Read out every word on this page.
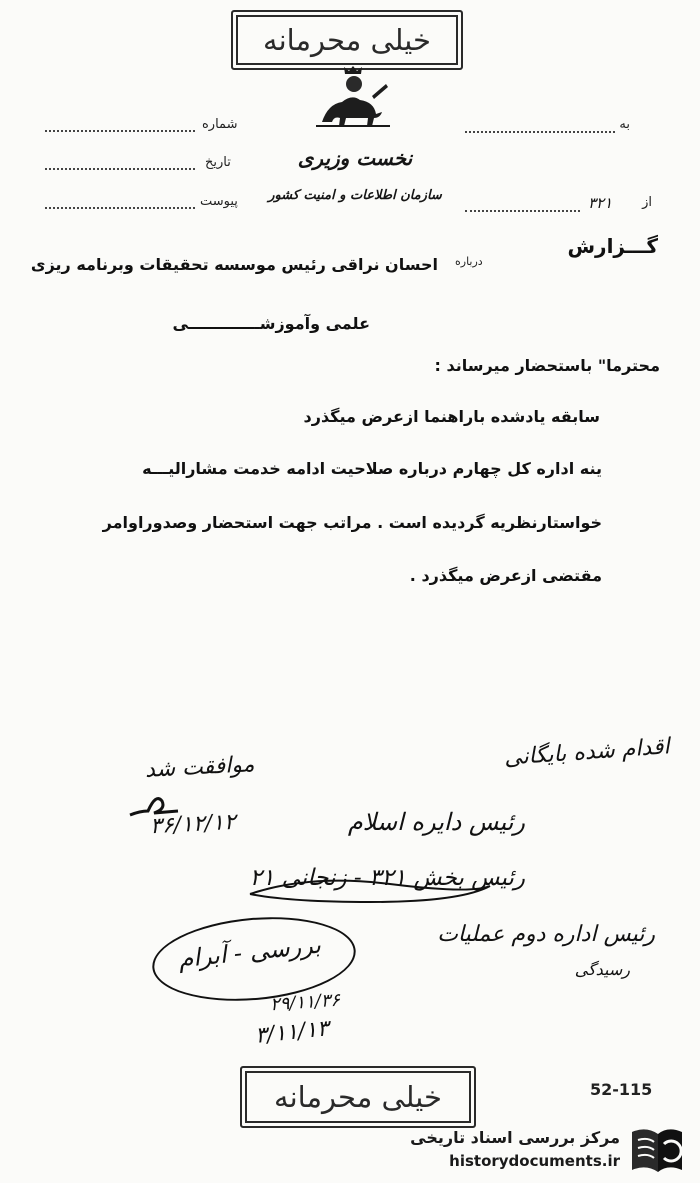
خیلی محرمانه
نخست وزیری
سازمان اطلاعات و امنیت کشور
به
از
۳۲۱
شماره
تاریخ
پیوست
گـــزارش
درباره
احسان نراقی رئیس موسسه تحقیقات وبرنامه ریزی
علمی وآموزشـــــــــــــی
محترما" باستحضار میرساند :
سابقه یادشده باراهنما ازعرض میگذرد
ینه اداره کل چهارم درباره صلاحیت ادامه خدمت مشارالیـــه
خواستارنظریه گردیده است . مراتب جهت استحضار وصدوراوامر
مقتضی ازعرض میگذرد .
اقدام شده بایگانی
موافقت شد
۳۶/۱۲/۱۲	رئیس دایره اسلام
رئیس بخش ۳۲۱ - زنجانی ۲۱
رئیس اداره دوم عملیات
رسیدگی
بررسی - آبرام
۲۹/۱۱/۳۶
۳/۱۱/۱۳
خیلی محرمانه	52-115
مرکز بررسی اسناد تاریخی
historydocuments.ir
